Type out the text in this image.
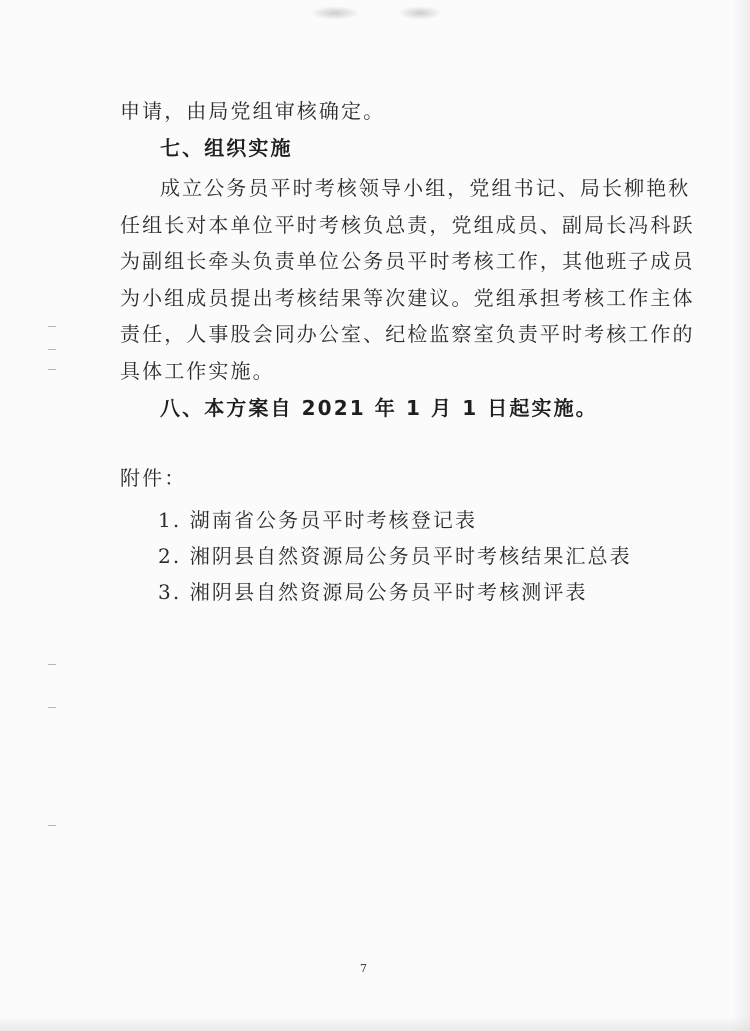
申请，由局党组审核确定。
七、组织实施
成立公务员平时考核领导小组，党组书记、局长柳艳秋
任组长对本单位平时考核负总责，党组成员、副局长冯科跃
为副组长牵头负责单位公务员平时考核工作，其他班子成员
为小组成员提出考核结果等次建议。党组承担考核工作主体
责任，人事股会同办公室、纪检监察室负责平时考核工作的
具体工作实施。
八、本方案自 2021 年 1 月 1 日起实施。
附件：
1. 湖南省公务员平时考核登记表
2. 湘阴县自然资源局公务员平时考核结果汇总表
3. 湘阴县自然资源局公务员平时考核测评表
7
